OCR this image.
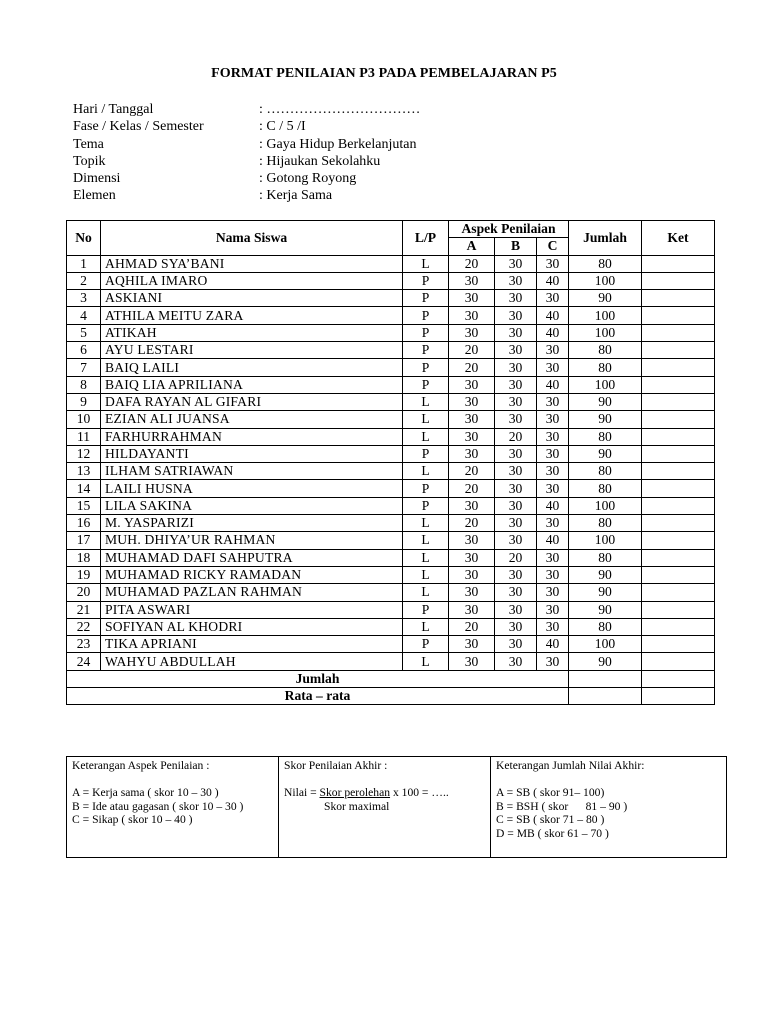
FORMAT PENILAIAN P3 PADA PEMBELAJARAN P5
Hari / Tanggal	: ……………………………
Fase / Kelas / Semester	: C / 5 /I
Tema	: Gaya Hidup Berkelanjutan
Topik	: Hijaukan Sekolahku
Dimensi	: Gotong Royong
Elemen	: Kerja Sama
No	Nama Siswa	L/P	Aspek Penilaian			Jumlah	Ket
			A	B	C		
1	AHMAD SYA’BANI	L	20	30	30	80	
2	AQHILA IMARO	P	30	30	40	100	
3	ASKIANI	P	30	30	30	90	
4	ATHILA MEITU ZARA	P	30	30	40	100	
5	ATIKAH	P	30	30	40	100	
6	AYU LESTARI	P	20	30	30	80	
7	BAIQ LAILI	P	20	30	30	80	
8	BAIQ LIA APRILIANA	P	30	30	40	100	
9	DAFA RAYAN AL GIFARI	L	30	30	30	90	
10	EZIAN ALI JUANSA	L	30	30	30	90	
11	FARHURRAHMAN	L	30	20	30	80	
12	HILDAYANTI	P	30	30	30	90	
13	ILHAM SATRIAWAN	L	20	30	30	80	
14	LAILI HUSNA	P	20	30	30	80	
15	LILA SAKINA	P	30	30	40	100	
16	M. YASPARIZI	L	20	30	30	80	
17	MUH. DHIYA’UR RAHMAN	L	30	30	40	100	
18	MUHAMAD DAFI SAHPUTRA	L	30	20	30	80	
19	MUHAMAD RICKY RAMADAN	L	30	30	30	90	
20	MUHAMAD PAZLAN RAHMAN	L	30	30	30	90	
21	PITA ASWARI	P	30	30	30	90	
22	SOFIYAN AL KHODRI	L	20	30	30	80	
23	TIKA APRIANI	P	30	30	40	100	
24	WAHYU ABDULLAH	L	30	30	30	90	
Jumlah							
Rata – rata							
Keterangan Aspek Penilaian :
A = Kerja sama ( skor 10 – 30 )
B = Ide atau gagasan ( skor 10 – 30 )
C = Sikap ( skor 10 – 40 )

Skor Penilaian Akhir :
Nilai = Skor perolehan x 100 = …..
Skor maximal

Keterangan Jumlah Nilai Akhir:
A = SB ( skor 91– 100)
B = BSH ( skor      81 – 90 )
C = SB ( skor 71 – 80 )
D = MB ( skor 61 – 70 )
